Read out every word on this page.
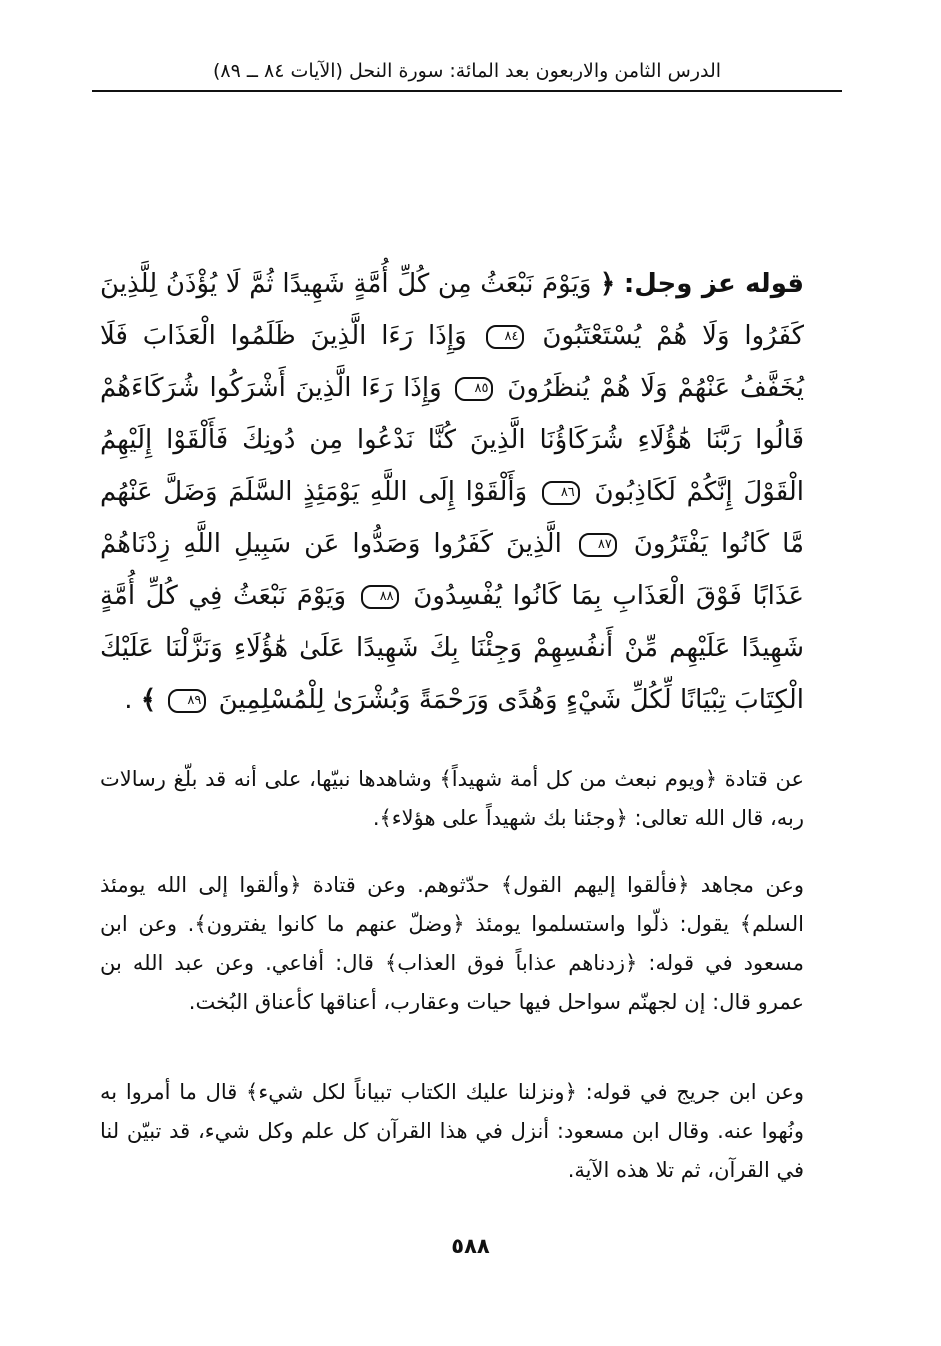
الدرس الثامن والاربعون بعد المائة: سورة النحل (الآيات ٨٤ ــ ٨٩)
قوله عز وجل: ﴿ وَيَوْمَ نَبْعَثُ مِن كُلِّ أُمَّةٍ شَهِيدًا ثُمَّ لَا يُؤْذَنُ لِلَّذِينَ كَفَرُوا وَلَا هُمْ يُسْتَعْتَبُونَ ٨٤ وَإِذَا رَءَا الَّذِينَ ظَلَمُوا الْعَذَابَ فَلَا يُخَفَّفُ عَنْهُمْ وَلَا هُمْ يُنظَرُونَ ٨٥ وَإِذَا رَءَا الَّذِينَ أَشْرَكُوا شُرَكَاءَهُمْ قَالُوا رَبَّنَا هَٰؤُلَاءِ شُرَكَاؤُنَا الَّذِينَ كُنَّا نَدْعُوا مِن دُونِكَ فَأَلْقَوْا إِلَيْهِمُ الْقَوْلَ إِنَّكُمْ لَكَاذِبُونَ ٨٦ وَأَلْقَوْا إِلَى اللَّهِ يَوْمَئِذٍ السَّلَمَ وَضَلَّ عَنْهُم مَّا كَانُوا يَفْتَرُونَ ٨٧ الَّذِينَ كَفَرُوا وَصَدُّوا عَن سَبِيلِ اللَّهِ زِدْنَاهُمْ عَذَابًا فَوْقَ الْعَذَابِ بِمَا كَانُوا يُفْسِدُونَ ٨٨ وَيَوْمَ نَبْعَثُ فِي كُلِّ أُمَّةٍ شَهِيدًا عَلَيْهِم مِّنْ أَنفُسِهِمْ وَجِئْنَا بِكَ شَهِيدًا عَلَىٰ هَٰؤُلَاءِ وَنَزَّلْنَا عَلَيْكَ الْكِتَابَ تِبْيَانًا لِّكُلِّ شَيْءٍ وَهُدًى وَرَحْمَةً وَبُشْرَىٰ لِلْمُسْلِمِينَ ٨٩ ﴾ .

عن قتادة ﴿ويوم نبعث من كل أمة شهيداً﴾ وشاهدها نبيّها، على أنه قد بلّغ رسالات ربه، قال الله تعالى: ﴿وجئنا بك شهيداً على هؤلاء﴾.

وعن مجاهد ﴿فألقوا إليهم القول﴾ حدّثوهم. وعن قتادة ﴿وألقوا إلى الله يومئذ السلم﴾ يقول: ذلّوا واستسلموا يومئذ ﴿وضلّ عنهم ما كانوا يفترون﴾. وعن ابن مسعود في قوله: ﴿زدناهم عذاباً فوق العذاب﴾ قال: أفاعي. وعن عبد الله بن عمرو قال: إن لجهنّم سواحل فيها حيات وعقارب، أعناقها كأعناق البُخت.

وعن ابن جريج في قوله: ﴿ونزلنا عليك الكتاب تبياناً لكل شيء﴾ قال ما أمروا به ونُهوا عنه. وقال ابن مسعود: أنزل في هذا القرآن كل علم وكل شيء، قد تبيّن لنا في القرآن، ثم تلا هذه الآية.

٥٨٨
